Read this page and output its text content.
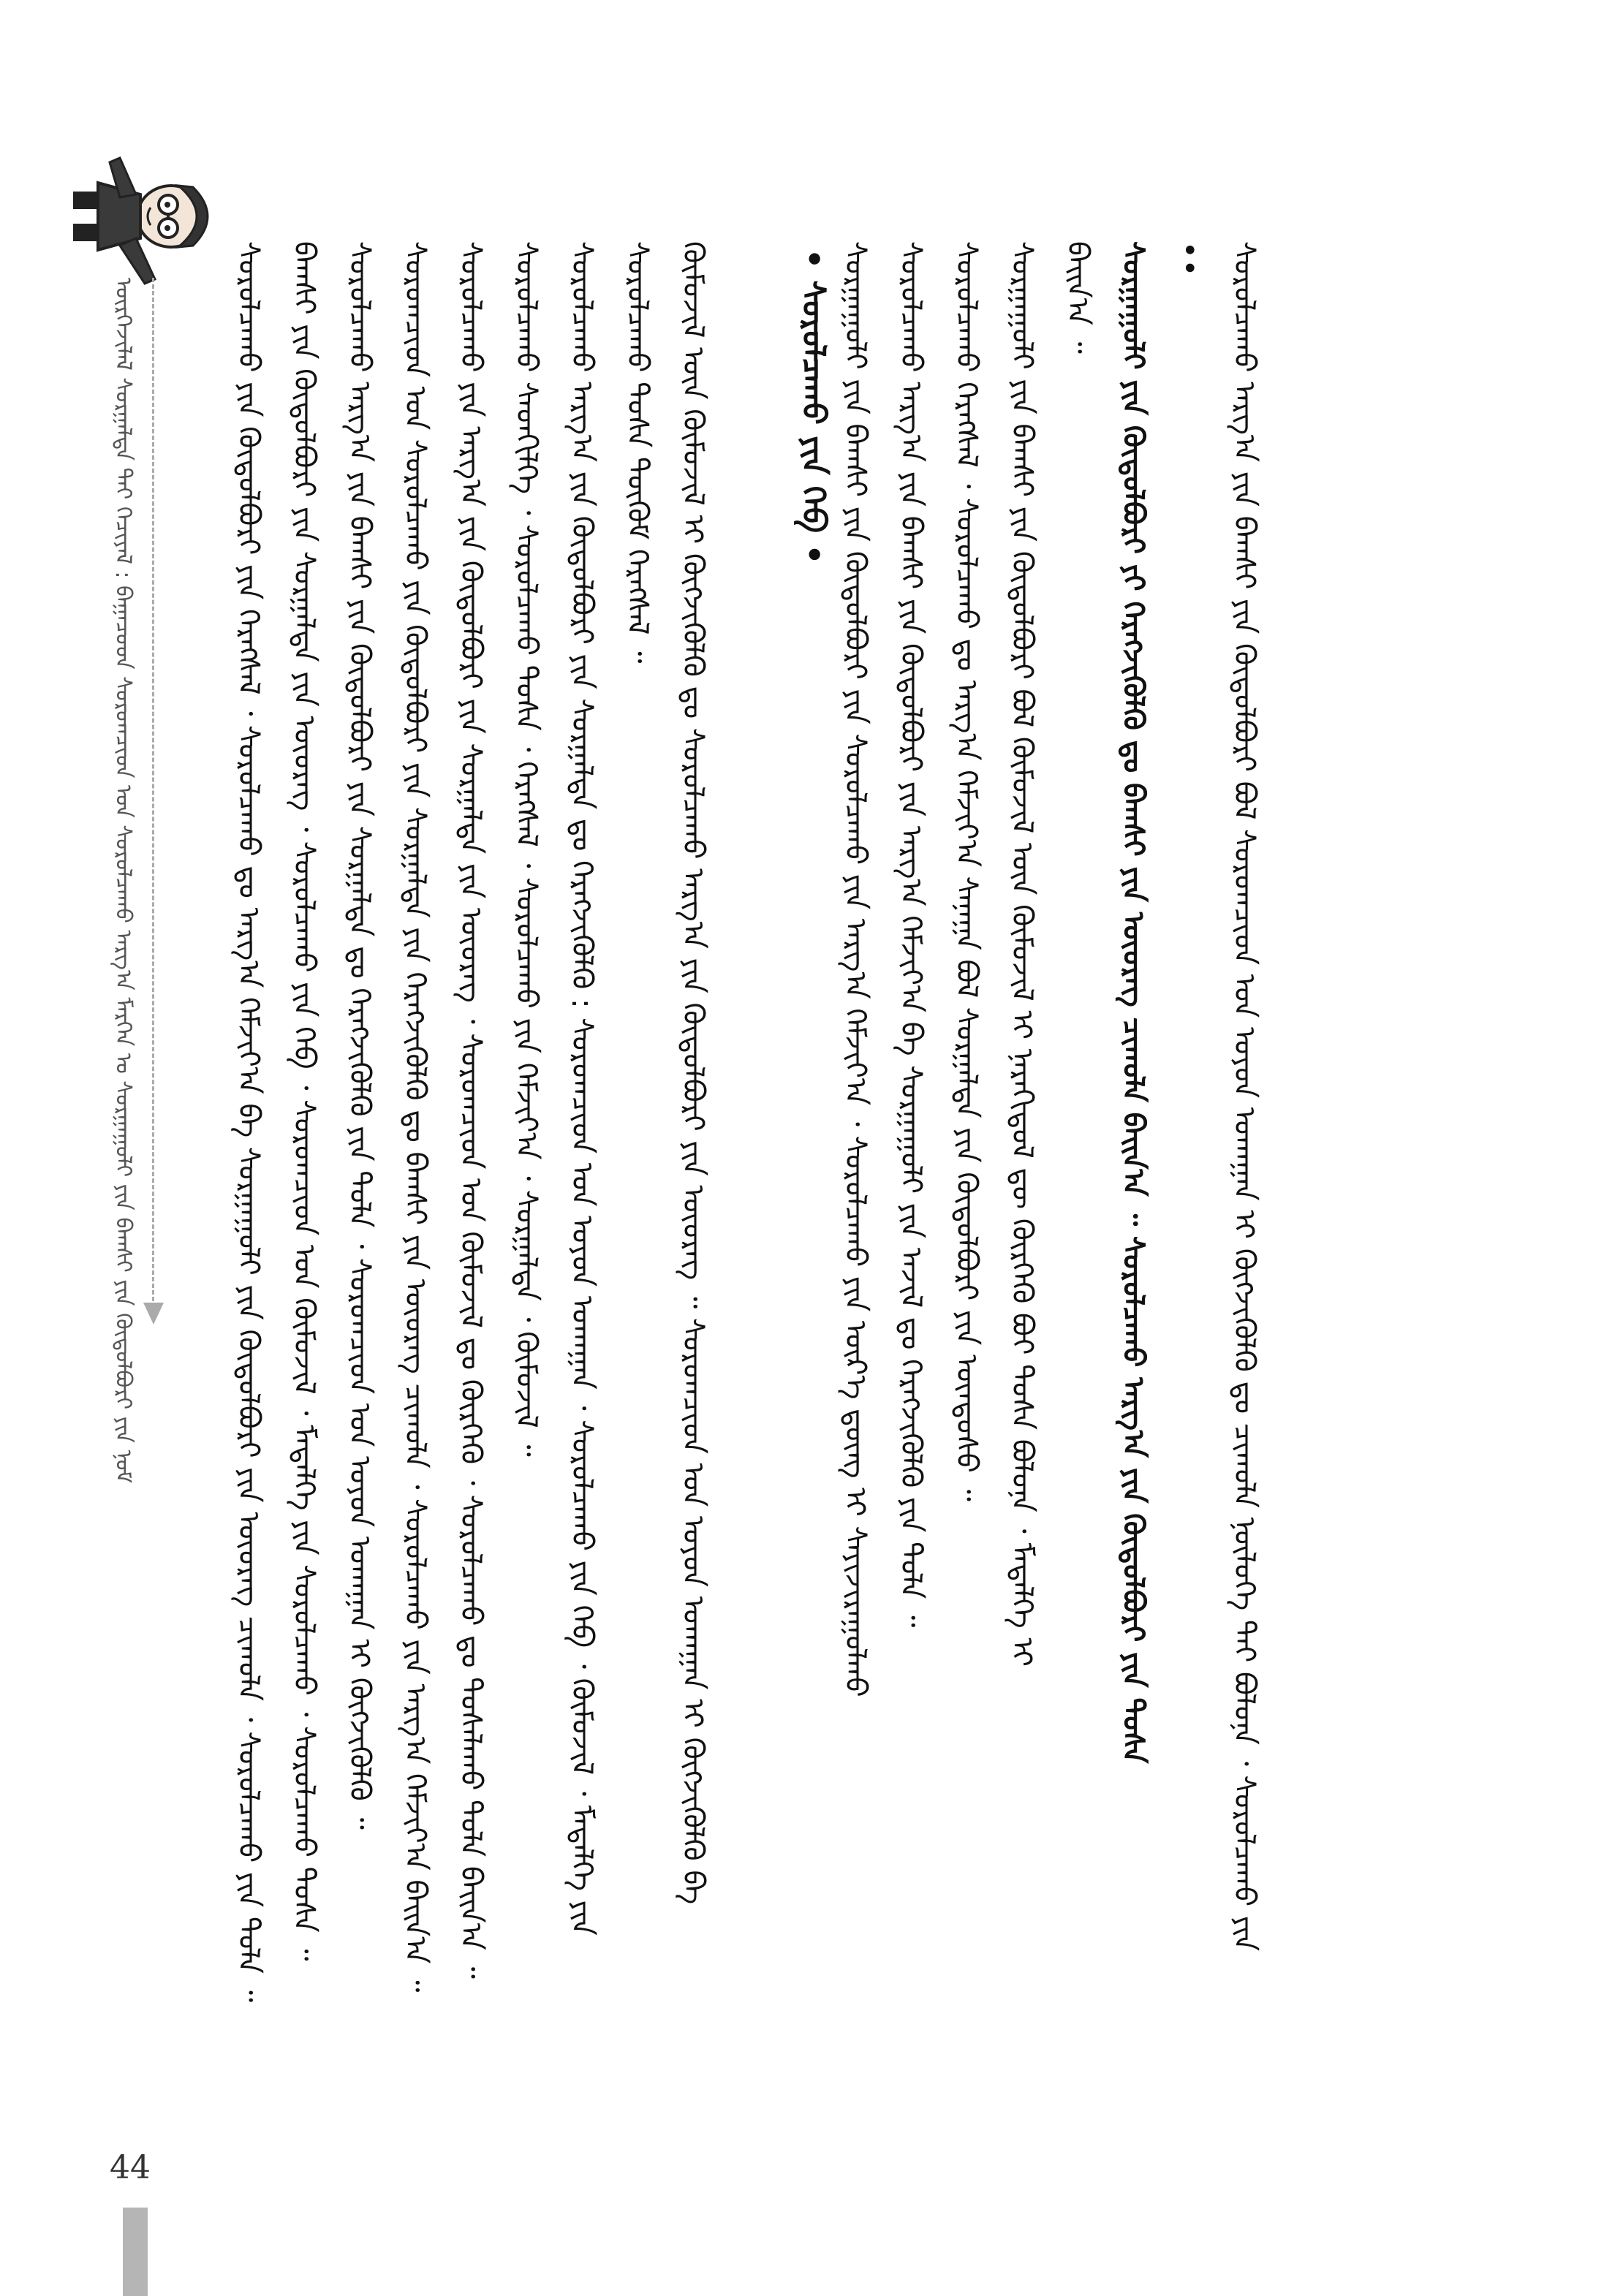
ᠦᠷᠭᠡᠵᠢᠯᠡᠯ ᠰᠤᠷᠭᠠᠯᠲᠠ ᠲᠠᠢ ᠬᠡᠴᠢᠶᠡᠯ : ᠪᠠᠭᠠᠴᠤᠳ ᠰᠤᠷᠤᠭᠴᠢᠳ ᠤᠨ ᠰᠤᠷᠤᠯᠴᠠᠬᠤ ᠠᠷᠭ᠎ᠠ ᠮᠡᠷᠭᠡᠨ ᠤ ᠰᠤᠷᠭᠠᠭᠤᠯᠢ ᠶᠢᠨ ᠪᠠᠭᠰᠢ ᠶᠢᠨ ᠬᠥᠲᠥᠯᠪᠦᠷᠢ ᠶᠢᠨ ᠨᠣᠮ	ᠰᠤᠷᠤᠯᠴᠠᠬᠤ ᠶᠢᠨ ᠬᠥᠲᠥᠯᠪᠦᠷᠢ ᠶᠢᠨ ᠬᠡᠷᠡᠭᠰᠡᠯ ᠂ ᠰᠤᠷᠤᠯᠴᠠᠬᠤ ᠳᠤ ᠠᠷᠭ᠎ᠠ ᠬᠡᠮᠵᠢᠶ᠎ᠠ ᠪᠠ ᠰᠤᠷᠭᠠᠭᠤᠯᠢ ᠶᠢᠨ ᠬᠥᠲᠥᠯᠪᠦᠷᠢ ᠶᠢᠨ ᠦᠦᠷᠡᠭ ᠴᠢᠬᠤᠯᠠ ᠂ ᠰᠤᠷᠤᠯᠴᠠᠬᠤ ᠶᠢᠨ ᠲᠤᠯᠠ ᠃ ᠪᠠᠭᠰᠢ ᠶᠢᠨ ᠬᠥᠲᠥᠯᠪᠦᠷᠢ ᠶᠢᠨ ᠰᠤᠷᠭᠠᠯᠲᠠ ᠶᠢᠨ ᠦᠦᠷᠡᠭ ᠂ ᠰᠤᠷᠤᠯᠴᠠᠬᠤ ᠶᠢᠨ ᠬᠡᠪ ᠂ ᠰᠤᠷᠤᠭᠴᠢᠳ ᠤᠨ ᠬᠦᠮᠦᠵᠢᠯ ᠂ ᠮᠡᠳᠡᠯᠭᠡ ᠶᠢᠨ ᠰᠤᠷᠤᠯᠴᠠᠬᠤ ᠂ ᠰᠤᠷᠤᠯᠴᠠᠬᠤ ᠲᠤᠰᠠ ᠃ ᠰᠤᠷᠤᠯᠴᠠᠬᠤ ᠠᠷᠭ᠎ᠠ ᠶᠢᠨ ᠪᠠᠭᠰᠢ ᠶᠢᠨ ᠬᠥᠲᠥᠯᠪᠦᠷᠢ ᠶᠢᠨ ᠰᠤᠷᠭᠠᠯᠲᠠ ᠳᠤ ᠬᠡᠷᠡᠭᠵᠢᠭᠦᠯᠬᠦ ᠶᠢᠨ ᠲᠤᠯᠠ ᠂ ᠰᠤᠷᠤᠭᠴᠢᠳ ᠤᠨ ᠣᠶᠤᠨ ᠤᠬᠠᠭᠠᠨ ᠢ ᠬᠥᠭᠵᠢᠭᠦᠯᠬᠦ ᠃ ᠰᠤᠷᠤᠭᠴᠢᠳ ᠤᠨ ᠰᠤᠷᠤᠯᠴᠠᠬᠤ ᠶᠢᠨ ᠬᠥᠲᠥᠯᠪᠦᠷᠢ ᠶᠢᠨ ᠰᠤᠷᠭᠠᠯᠲᠠ ᠶᠢᠨ ᠬᠡᠷᠡᠭᠵᠢᠭᠦᠯᠬᠦ ᠳᠤ ᠪᠠᠭᠰᠢ ᠶᠢᠨ ᠦᠦᠷᠡᠭ ᠴᠢᠬᠤᠯᠠ ᠂ ᠰᠤᠷᠤᠯᠴᠠᠬᠤ ᠶᠢᠨ ᠠᠷᠭ᠎ᠠ ᠬᠡᠮᠵᠢᠶ᠎ᠠ ᠪᠠᠢᠨ᠎ᠠ ᠃ ᠰᠤᠷᠤᠯᠴᠠᠬᠤ ᠶᠢᠨ ᠠᠷᠭ᠎ᠠ ᠶᠢᠨ ᠬᠥᠲᠥᠯᠪᠦᠷᠢ ᠶᠢᠨ ᠰᠤᠷᠭᠠᠯᠲᠠ ᠶᠢᠨ ᠦᠦᠷᠡᠭ ᠂ ᠰᠤᠷᠤᠭᠴᠢᠳ ᠤᠨ ᠬᠦᠮᠦᠵᠢᠯ ᠳᠤ ᠬᠦᠷᠭᠡᠬᠦ ᠂ ᠰᠤᠷᠤᠯᠴᠠᠬᠤ ᠳᠤ ᠲᠤᠰᠠᠯᠠᠬᠤ ᠲᠤᠯᠠ ᠪᠠᠢᠨ᠎ᠠ ᠃ ᠰᠤᠷᠤᠯᠴᠠᠬᠤ ᠰᠡᠳᠬᠢᠯᠭᠡ ᠂ ᠰᠤᠷᠤᠯᠴᠠᠬᠤ ᠲᠤᠰᠠ ᠂ ᠬᠡᠷᠡᠭᠰᠡᠯ ᠂ ᠰᠤᠷᠤᠯᠴᠠᠬᠤ ᠶᠢᠨ ᠬᠡᠮᠵᠢᠶ᠎ᠠ ᠂ ᠰᠤᠷᠭᠠᠯᠲᠠ ᠂ ᠬᠦᠮᠦᠵᠢᠯ ᠃ ᠰᠤᠷᠤᠯᠴᠠᠬᠤ ᠠᠷᠭ᠎ᠠ ᠶᠢᠨ ᠬᠥᠲᠥᠯᠪᠦᠷᠢ ᠶᠢᠨ ᠰᠤᠷᠭᠠᠯᠲᠠ ᠳᠤ ᠬᠡᠷᠡᠭᠵᠢᠭᠦᠯᠬᠦ : ᠰᠤᠷᠤᠭᠴᠢᠳ ᠤᠨ ᠣᠶᠤᠨ ᠤᠬᠠᠭᠠᠨ ᠂ ᠰᠤᠷᠤᠯᠴᠠᠬᠤ ᠶᠢᠨ ᠬᠡᠪ ᠂ ᠬᠦᠮᠦᠵᠢᠯ ᠂ ᠮᠡᠳᠡᠯᠭᠡ ᠶᠢᠨ ᠰᠤᠷᠤᠯᠴᠠᠬᠤ ᠲᠤᠰᠠ ᠳᠥᠬᠦᠮ ᠬᠡᠷᠡᠭᠰᠡᠯ ᠃ ᠬᠦᠮᠦᠵᠢᠯ ᠦᠨ ᠬᠦᠮᠦᠵᠢᠯ ᠢ ᠬᠥᠭᠵᠢᠭᠦᠯᠬᠦ ᠳᠤ ᠰᠤᠷᠤᠯᠴᠠᠬᠤ ᠠᠷᠭ᠎ᠠ ᠶᠢᠨ ᠬᠥᠲᠥᠯᠪᠦᠷᠢ ᠶᠢᠨ ᠦᠦᠷᠡᠭ ᠃ ᠰᠤᠷᠤᠭᠴᠢᠳ ᠤᠨ ᠣᠶᠤᠨ ᠤᠬᠠᠭᠠᠨ ᠢ ᠬᠥᠭᠵᠢᠭᠦᠯᠬᠦ ᠪᠠ	• ᠰᠤᠷᠤᠯᠴᠠᠬᠤ ᠶᠢᠨ ᠬᠡᠪ • ᠰᠤᠷᠭᠠᠭᠤᠯᠢ ᠶᠢᠨ ᠪᠠᠭᠰᠢ ᠶᠢᠨ ᠬᠥᠲᠥᠯᠪᠦᠷᠢ ᠶᠢᠨ ᠰᠤᠷᠤᠯᠴᠠᠬᠤ ᠶᠢᠨ ᠠᠷᠭ᠎ᠠ ᠬᠡᠮᠵᠢᠶ᠎ᠠ ᠂ ᠰᠤᠷᠤᠯᠴᠠᠬᠤ ᠶᠢᠨ ᠦᠷ᠎ᠡ ᠳ᠋ᠦᠩ ᠢ ᠰᠠᠶᠢᠵᠢᠷᠠᠭᠤᠯᠬᠤ ᠰᠤᠷᠤᠯᠴᠠᠬᠤ ᠠᠷᠭ᠎ᠠ ᠶᠢᠨ ᠪᠠᠭᠰᠢ ᠶᠢᠨ ᠬᠥᠲᠥᠯᠪᠦᠷᠢ ᠶᠢᠨ ᠠᠷᠭ᠎ᠠ ᠬᠡᠮᠵᠢᠶ᠎ᠠ ᠪᠠ ᠰᠤᠷᠭᠠᠭᠤᠯᠢ ᠶᠢᠨ ᠠᠵᠢᠯ ᠳᠤ ᠬᠡᠷᠡᠭᠵᠢᠭᠦᠯᠬᠦ ᠶᠢᠨ ᠲᠤᠯᠠ ᠃ ᠰᠤᠷᠤᠯᠴᠠᠬᠤ ᠬᠡᠷᠡᠭᠰᠡᠯ ᠂ ᠰᠤᠷᠤᠯᠴᠠᠬᠤ ᠳᠤ ᠠᠷᠭ᠎ᠠ ᠬᠡᠮᠵᠢᠶ᠎ᠠ ᠰᠠᠨᠠᠭᠠ ᠪᠤᠯ ᠰᠤᠷᠭᠠᠯᠲᠠ ᠶᠢᠨ ᠬᠥᠲᠥᠯᠪᠦᠷᠢ ᠶᠢᠨ ᠦᠨᠳᠦᠰᠦ ᠃ ᠰᠤᠷᠭᠠᠭᠤᠯᠢ ᠶᠢᠨ ᠪᠠᠭᠰᠢ ᠶᠢᠨ ᠬᠥᠲᠥᠯᠪᠦᠷᠢ ᠪᠤᠯ ᠬᠦᠮᠦᠵᠢᠯ ᠦᠨ ᠬᠦᠮᠦᠵᠢᠯ ᠢ ᠨᠡᠷᠡᠭᠢᠳᠦᠯ ᠳᠦ ᠬᠦᠷᠭᠡᠬᠦ ᠪᠤᠢ ᠲᠤᠰᠠ ᠪᠣᠯᠤᠨᠠ ᠂ ᠮᠡᠳᠡᠯᠭᠡ ᠢ ᠪᠠᠢᠨ᠎ᠠ ᠃ ᠰᠤᠷᠭᠠᠭᠤᠯᠢ ᠶᠢᠨ ᠬᠥᠲᠥᠯᠪᠦᠷᠢ ᠶᠢ ᠬᠡᠷᠡᠭᠵᠢᠭᠦᠯᠬᠦ ᠳᠤ ᠪᠠᠭᠰᠢ ᠶᠢᠨ ᠦᠦᠷᠡᠭ ᠴᠢᠬᠤᠯᠠ ᠪᠠᠢᠨ᠎ᠠ ᠃ ᠰᠤᠷᠤᠯᠴᠠᠬᠤ ᠠᠷᠭ᠎ᠠ ᠶᠢᠨ ᠬᠥᠲᠥᠯᠪᠦᠷᠢ ᠶᠢᠨ ᠲᠤᠰᠠ •• ᠰᠤᠷᠤᠯᠴᠠᠬᠤ ᠠᠷᠭ᠎ᠠ ᠶᠢᠨ ᠪᠠᠭᠰᠢ ᠶᠢᠨ ᠬᠥᠲᠥᠯᠪᠦᠷᠢ ᠪᠤᠯ ᠰᠤᠷᠤᠭᠴᠢᠳ ᠤᠨ ᠣᠶᠤᠨ ᠤᠬᠠᠭᠠᠨ ᠢ ᠬᠥᠭᠵᠢᠭᠦᠯᠬᠦ ᠳᠤ ᠴᠢᠬᠤᠯᠠ ᠨᠥᠯᠦᠭᠡ ᠲᠠᠢ ᠪᠣᠯᠤᠨᠠ ᠂ ᠰᠤᠷᠤᠯᠴᠠᠬᠤ ᠶᠢᠨ
44
